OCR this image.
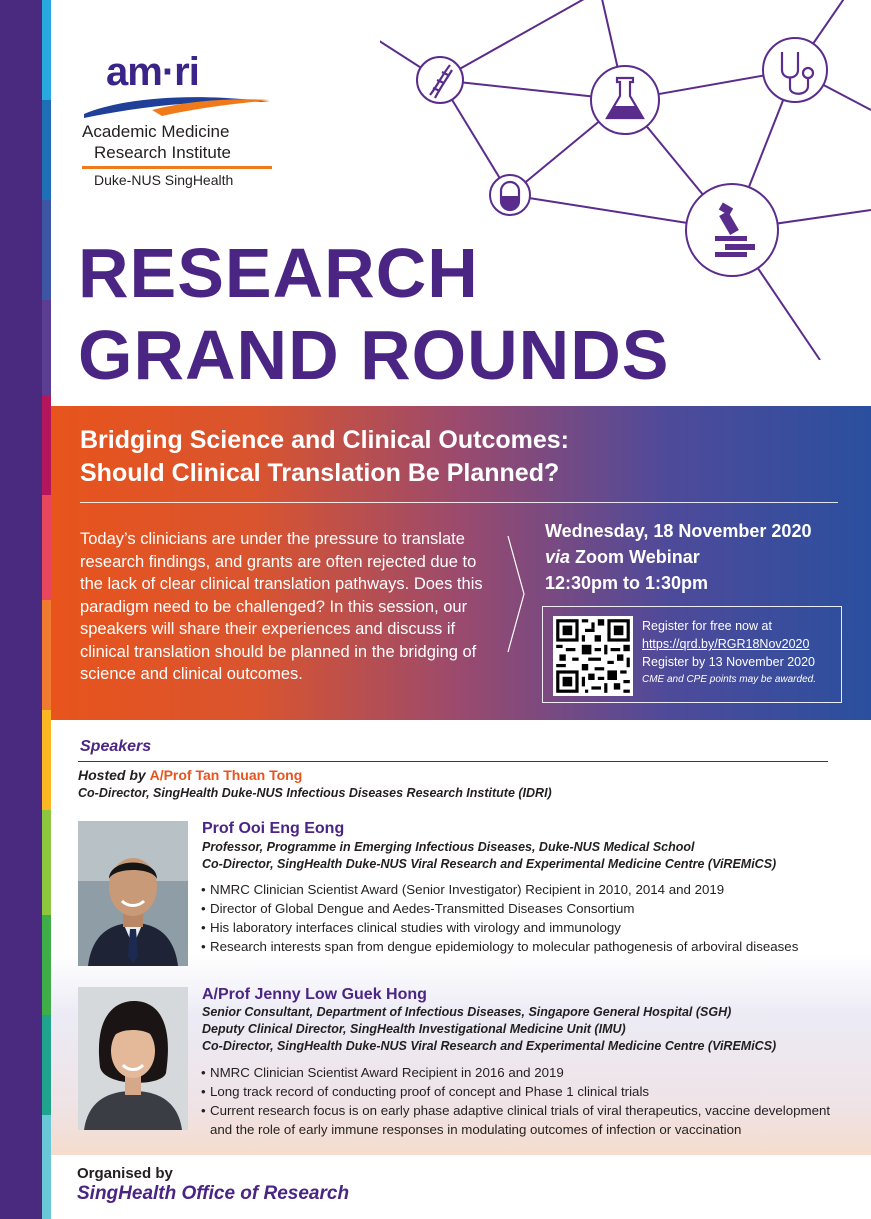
am·ri
Academic Medicine
Research Institute
Duke-NUS SingHealth
RESEARCH
GRAND ROUNDS
Bridging Science and Clinical Outcomes:
Should Clinical Translation Be Planned?

Today’s clinicians are under the pressure to translate research findings, and grants are often rejected due to the lack of clear clinical translation pathways. Does this paradigm need to be challenged? In this session, our speakers will share their experiences and discuss if clinical translation should be planned in the bridging of science and clinical outcomes.

Wednesday, 18 November 2020
via Zoom Webinar
12:30pm to 1:30pm
Register for free now at
https://qrd.by/RGR18Nov2020
Register by 13 November 2020
CME and CPE points may be awarded.
Speakers
Hosted by A/Prof Tan Thuan Tong
Co-Director, SingHealth Duke-NUS Infectious Diseases Research Institute (IDRI)
Prof Ooi Eng Eong
Professor, Programme in Emerging Infectious Diseases, Duke-NUS Medical School
Co-Director, SingHealth Duke-NUS Viral Research and Experimental Medicine Centre (ViREMiCS)
• NMRC Clinician Scientist Award (Senior Investigator) Recipient in 2010, 2014 and 2019
• Director of Global Dengue and Aedes-Transmitted Diseases Consortium
• His laboratory interfaces clinical studies with virology and immunology
• Research interests span from dengue epidemiology to molecular pathogenesis of arboviral diseases
A/Prof Jenny Low Guek Hong
Senior Consultant, Department of Infectious Diseases, Singapore General Hospital (SGH)
Deputy Clinical Director, SingHealth Investigational Medicine Unit (IMU)
Co-Director, SingHealth Duke-NUS Viral Research and Experimental Medicine Centre (ViREMiCS)
• NMRC Clinician Scientist Award Recipient in 2016 and 2019
• Long track record of conducting proof of concept and Phase 1 clinical trials
• Current research focus is on early phase adaptive clinical trials of viral therapeutics, vaccine development
and the role of early immune responses in modulating outcomes of infection or vaccination
Organised by
SingHealth Office of Research
